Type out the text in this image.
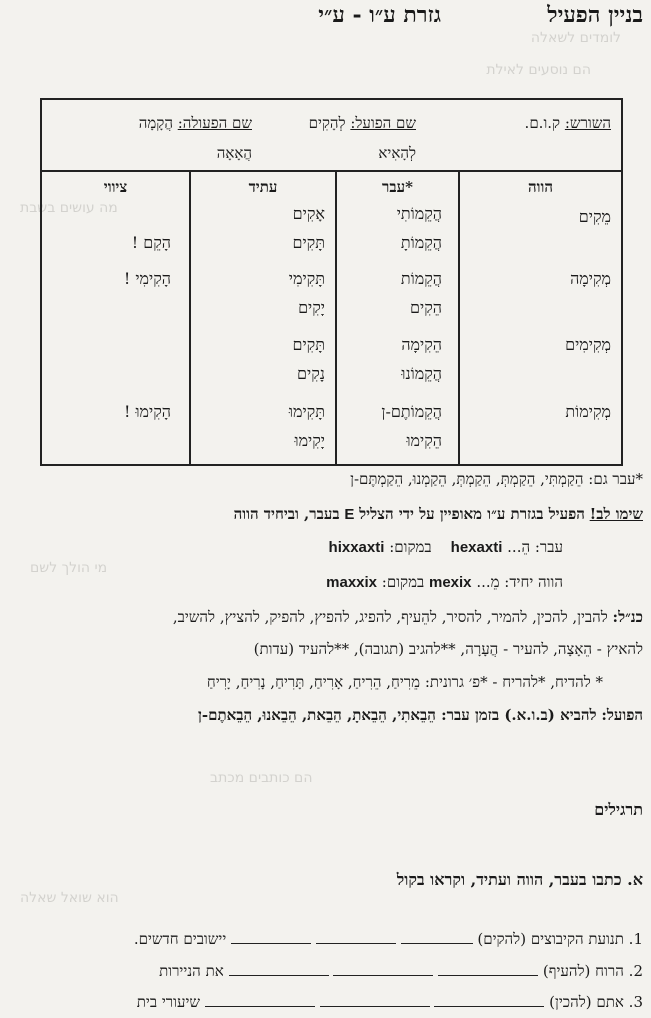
לומדים לשאלה
הם נוסעים לאילת
מה עושים בשבת
מי הולך לשם
הם כותבים מכתב
הוא שואל שאלה
בניין הפעיל
גזרת ע״ו - ע״י
השורש: ק.ו.ם.
שם הפועל: לְהָקִים
לְהָאִיא
שם הפעולה: הֲקָמָה
הֲאָאָה
הווה
מֵקִים
מְקִימָה
מְקִימִים
מְקִימוֹת
*עבר
הֲקֵמוֹתִי
הֲקֵמוֹתָ
הֲקֵמוֹת
הֵקִים
הֵקִימָה
הֲקֵמוֹנוּ
הֲקֵמוֹתֶם-ן
הֵקִימוּ
עתיד
אָקִים
תָּקִים
תָּקִימִי
יָקִים
תָּקִים
נָקִים
תָּקִימוּ
יָקִימוּ
ציווי
הָקֵם !
הָקִימִי !
הָקִימוּ !
*עבר גם: הֵקַמְתִּי, הֵקַמְתְּ, הֵקַמְתְּ, הֵקַמְנוּ, הֵקַמְתֶּם-ן
שימו לב! הפעיל בגזרת ע״ו מאופיין על ידי הצליל E בעבר, וביחיד הווה
עבר: הֵ... hexaxti    במקום: hixxaxti
הווה יחיד: מֵ... mexix במקום: maxxix
כנ״ל: להבין, להכין, להמיר, להסיר, להֵעיף, להפיג, להפיץ, להפיק, להציץ, להשיב,
להאיץ - הֵאָצָה, להעיר - הֲעָרָה, **להגיב (תגובה), **להעיד (עדות)
* להדיח, *להריח - *פ׳ גרונית: מֵרִיחַ, הֵרִיחַ, אָרִיחַ, תָּרִיחַ, נָרִיחַ, יָרִיחַ
הפועל: להביא (ב.ו.א.) בזמן עבר: הֵבֵאתִי, הֵבֵאתָ, הֵבֵאת, הֵבֵאנוּ, הֵבֵאתֶם-ן
תרגילים
א. כתבו בעבר, הווה ועתיד, וקראו בקול
1. תנועת הקיבוצים (להקים)    יישובים חדשים.
2. הרוח (להעיף)    את הניירות
3. אתם (להכין)    שיעורי בית
